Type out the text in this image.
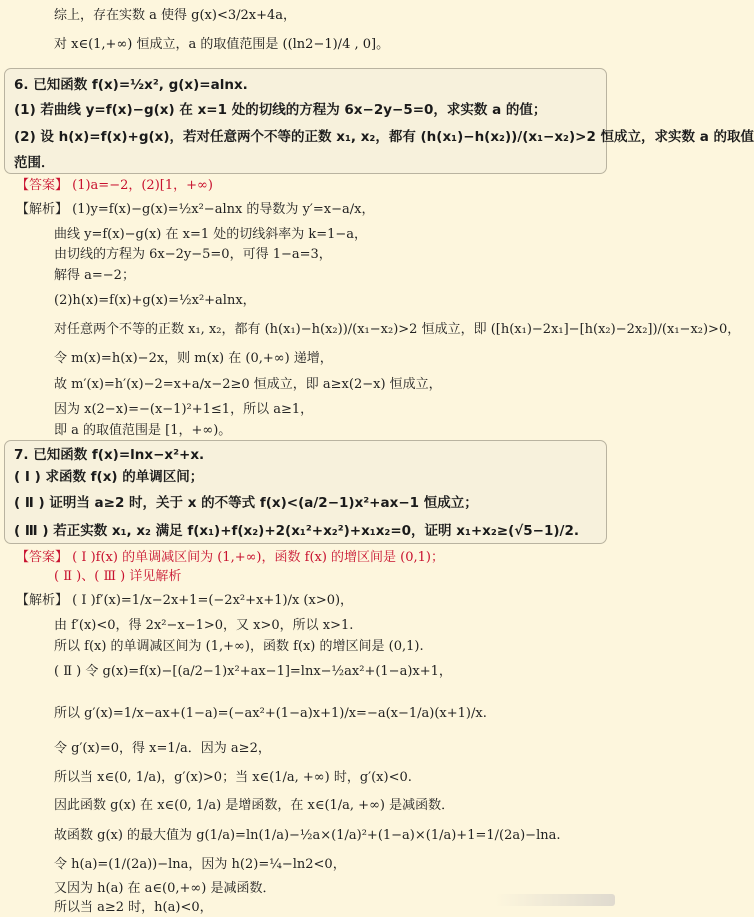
综上，存在实数 a 使得 g(x)<3/2x+4a，
对 x∈(1,+∞) 恒成立，a 的取值范围是 ((ln2−1)/4 , 0]。
6. 已知函数 f(x)=½x², g(x)=alnx.
(1) 若曲线 y=f(x)−g(x) 在 x=1 处的切线的方程为 6x−2y−5=0，求实数 a 的值；
(2) 设 h(x)=f(x)+g(x)，若对任意两个不等的正数 x₁, x₂，都有 (h(x₁)−h(x₂))/(x₁−x₂)>2 恒成立，求实数 a 的取值
范围．
【答案】 (1)a=−2，(2)[1，+∞)
【解析】 (1)y=f(x)−g(x)=½x²−alnx 的导数为 y′=x−a/x，
曲线 y=f(x)−g(x) 在 x=1 处的切线斜率为 k=1−a，
由切线的方程为 6x−2y−5=0，可得 1−a=3，
解得 a=−2；
(2)h(x)=f(x)+g(x)=½x²+alnx，
对任意两个不等的正数 x₁, x₂，都有 (h(x₁)−h(x₂))/(x₁−x₂)>2 恒成立，即 ([h(x₁)−2x₁]−[h(x₂)−2x₂])/(x₁−x₂)>0，
令 m(x)=h(x)−2x，则 m(x) 在 (0,+∞) 递增，
故 m′(x)=h′(x)−2=x+a/x−2≥0 恒成立，即 a≥x(2−x) 恒成立，
因为 x(2−x)=−(x−1)²+1≤1，所以 a≥1，
即 a 的取值范围是 [1，+∞)。
7. 已知函数 f(x)=lnx−x²+x.
( Ⅰ ) 求函数 f(x) 的单调区间；
( Ⅱ ) 证明当 a≥2 时，关于 x 的不等式 f(x)<(a/2−1)x²+ax−1 恒成立；
( Ⅲ ) 若正实数 x₁, x₂ 满足 f(x₁)+f(x₂)+2(x₁²+x₂²)+x₁x₂=0，证明 x₁+x₂≥(√5−1)/2.
【答案】 ( Ⅰ )f(x) 的单调减区间为 (1,+∞)，函数 f(x) 的增区间是 (0,1)；
( Ⅱ )、( Ⅲ ) 详见解析
【解析】 ( Ⅰ )f′(x)=1/x−2x+1=(−2x²+x+1)/x (x>0)，
由 f′(x)<0，得 2x²−x−1>0，又 x>0，所以 x>1.
所以 f(x) 的单调减区间为 (1,+∞)，函数 f(x) 的增区间是 (0,1).
( Ⅱ ) 令 g(x)=f(x)−[(a/2−1)x²+ax−1]=lnx−½ax²+(1−a)x+1，
所以 g′(x)=1/x−ax+(1−a)=(−ax²+(1−a)x+1)/x=−a(x−1/a)(x+1)/x.
令 g′(x)=0，得 x=1/a．因为 a≥2，
所以当 x∈(0, 1/a)，g′(x)>0；当 x∈(1/a, +∞) 时，g′(x)<0.
因此函数 g(x) 在 x∈(0, 1/a) 是增函数，在 x∈(1/a, +∞) 是减函数．
故函数 g(x) 的最大值为 g(1/a)=ln(1/a)−½a×(1/a)²+(1−a)×(1/a)+1=1/(2a)−lna.
令 h(a)=(1/(2a))−lna，因为 h(2)=¼−ln2<0，
又因为 h(a) 在 a∈(0,+∞) 是减函数．
所以当 a≥2 时，h(a)<0，
